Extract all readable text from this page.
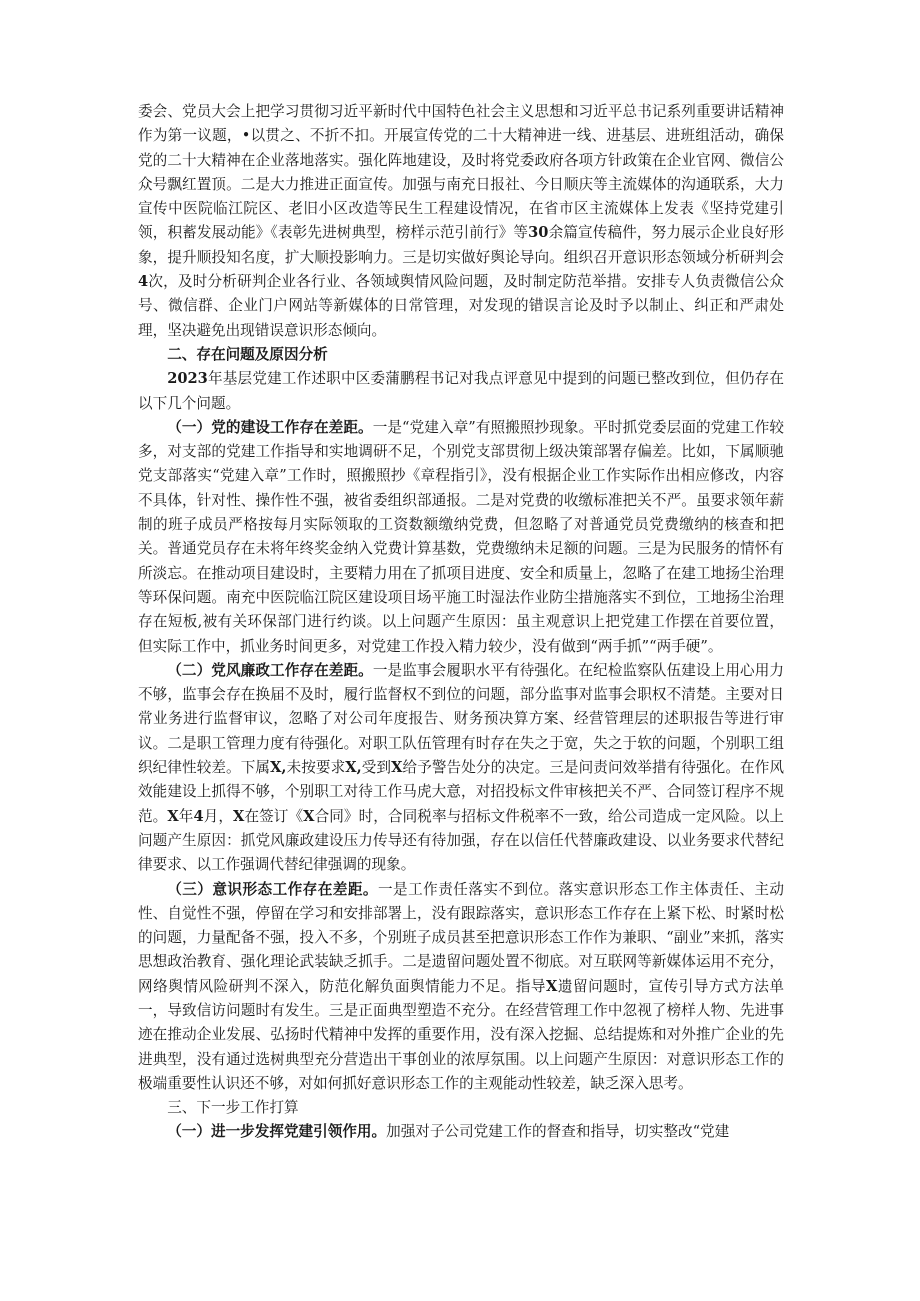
委会、党员大会上把学习贯彻习近平新时代中国特色社会主义思想和习近平总书记系列重要讲话精神作为第一议题，•以贯之、不折不扣。开展宣传党的二十大精神进一线、进基层、进班组活动，确保党的二十大精神在企业落地落实。强化阵地建设，及时将党委政府各项方针政策在企业官网、微信公众号飘红置顶。二是大力推进正面宣传。加强与南充日报社、今日顺庆等主流媒体的沟通联系，大力宣传中医院临江院区、老旧小区改造等民生工程建设情况，在省市区主流媒体上发表《坚持党建引领，积蓄发展动能》《表彰先进树典型，榜样示范引前行》等30余篇宣传稿件，努力展示企业良好形象，提升顺投知名度，扩大顺投影响力。三是切实做好舆论导向。组织召开意识形态领域分析研判会4次，及时分析研判企业各行业、各领域舆情风险问题，及时制定防范举措。安排专人负责微信公众号、微信群、企业门户网站等新媒体的日常管理，对发现的错误言论及时予以制止、纠正和严肃处理，坚决避免出现错误意识形态倾向。

二、存在问题及原因分析

2023年基层党建工作述职中区委蒲鹏程书记对我点评意见中提到的问题已整改到位，但仍存在以下几个问题。

（一）党的建设工作存在差距。一是“党建入章”有照搬照抄现象。平时抓党委层面的党建工作较多，对支部的党建工作指导和实地调研不足，个别党支部贯彻上级决策部署存偏差。比如，下属顺驰党支部落实“党建入章”工作时，照搬照抄《章程指引》，没有根据企业工作实际作出相应修改，内容不具体，针对性、操作性不强，被省委组织部通报。二是对党费的收缴标准把关不严。虽要求领年薪制的班子成员严格按每月实际领取的工资数额缴纳党费，但忽略了对普通党员党费缴纳的核查和把关。普通党员存在未将年终奖金纳入党费计算基数，党费缴纳未足额的问题。三是为民服务的情怀有所淡忘。在推动项目建设时，主要精力用在了抓项目进度、安全和质量上，忽略了在建工地扬尘治理等环保问题。南充中医院临江院区建设项目场平施工时湿法作业防尘措施落实不到位，工地扬尘治理存在短板,被有关环保部门进行约谈。以上问题产生原因：虽主观意识上把党建工作摆在首要位置，但实际工作中，抓业务时间更多，对党建工作投入精力较少，没有做到“两手抓”“两手硬”。

（二）党风廉政工作存在差距。一是监事会履职水平有待强化。在纪检监察队伍建设上用心用力不够，监事会存在换届不及时，履行监督权不到位的问题，部分监事对监事会职权不清楚。主要对日常业务进行监督审议，忽略了对公司年度报告、财务预决算方案、经营管理层的述职报告等进行审议。二是职工管理力度有待强化。对职工队伍管理有时存在失之于宽，失之于软的问题，个别职工组织纪律性较差。下属X,未按要求X,受到X给予警告处分的决定。三是问责问效举措有待强化。在作风效能建设上抓得不够，个别职工对待工作马虎大意，对招投标文件审核把关不严、合同签订程序不规范。X年4月，X在签订《X合同》时，合同税率与招标文件税率不一致，给公司造成一定风险。以上问题产生原因：抓党风廉政建设压力传导还有待加强，存在以信任代替廉政建设、以业务要求代替纪律要求、以工作强调代替纪律强调的现象。

（三）意识形态工作存在差距。一是工作责任落实不到位。落实意识形态工作主体责任、主动性、自觉性不强，停留在学习和安排部署上，没有跟踪落实，意识形态工作存在上紧下松、时紧时松的问题，力量配备不强，投入不多，个别班子成员甚至把意识形态工作作为兼职、“副业”来抓，落实思想政治教育、强化理论武装缺乏抓手。二是遗留问题处置不彻底。对互联网等新媒体运用不充分，网络舆情风险研判不深入，防范化解负面舆情能力不足。指导X遗留问题时，宣传引导方式方法单一，导致信访问题时有发生。三是正面典型塑造不充分。在经营管理工作中忽视了榜样人物、先进事迹在推动企业发展、弘扬时代精神中发挥的重要作用，没有深入挖掘、总结提炼和对外推广企业的先进典型，没有通过选树典型充分营造出干事创业的浓厚氛围。以上问题产生原因：对意识形态工作的极端重要性认识还不够，对如何抓好意识形态工作的主观能动性较差，缺乏深入思考。

三、下一步工作打算

（一）进一步发挥党建引领作用。加强对子公司党建工作的督查和指导，切实整改“党建
